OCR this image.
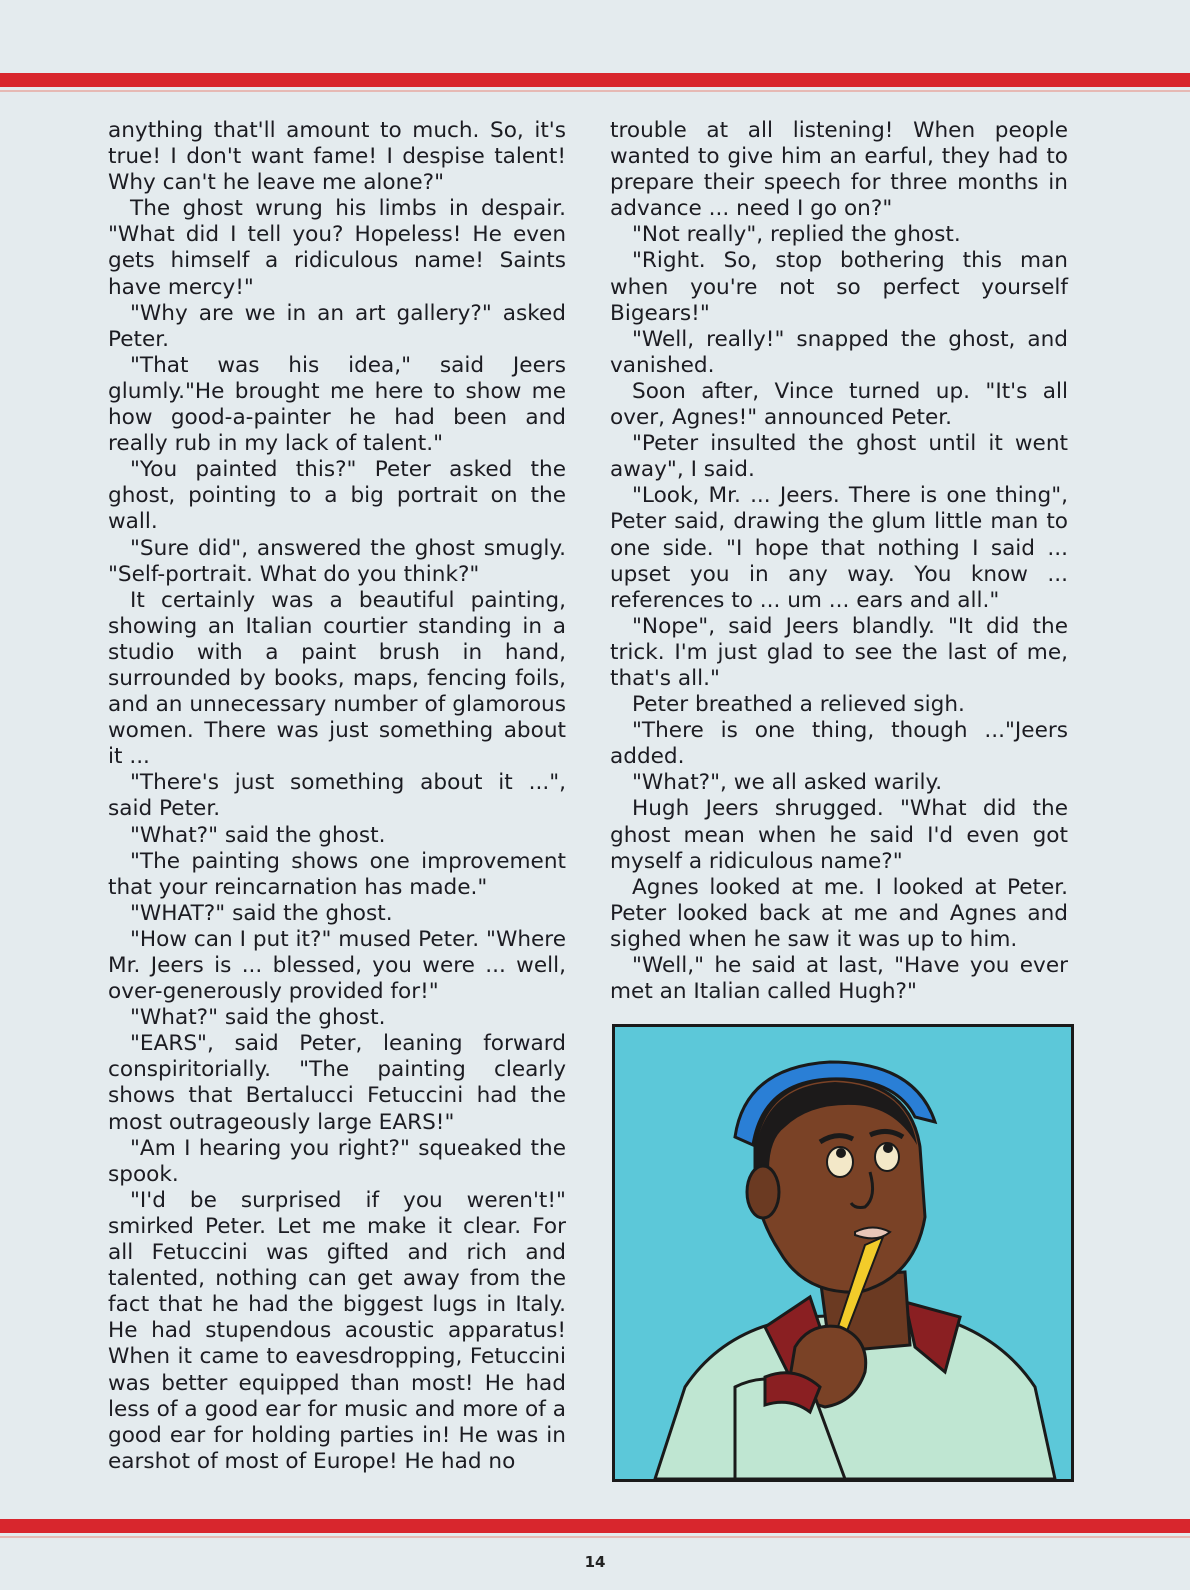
anything that'll amount to much. So, it's true! I don't want fame! I despise talent! Why can't he leave me alone?"

The ghost wrung his limbs in despair. "What did I tell you? Hopeless! He even gets himself a ridiculous name! Saints have mercy!"

"Why are we in an art gallery?" asked Peter.

"That was his idea," said Jeers glumly."He brought me here to show me how good-a-painter he had been and really rub in my lack of talent."

"You painted this?" Peter asked the ghost, pointing to a big portrait on the wall.

"Sure did", answered the ghost smugly. "Self-portrait. What do you think?"

It certainly was a beautiful painting, showing an Italian courtier standing in a studio with a paint brush in hand, surrounded by books, maps, fencing foils, and an unnecessary number of glamorous women. There was just something about it ...

"There's just something about it ...", said Peter.

"What?" said the ghost.

"The painting shows one improvement that your reincarnation has made."

"WHAT?" said the ghost.

"How can I put it?" mused Peter. "Where Mr. Jeers is ... blessed, you were ... well, over-generously provided for!"

"What?" said the ghost.

"EARS", said Peter, leaning forward conspiritorially. "The painting clearly shows that Bertalucci Fetuccini had the most outrageously large EARS!"

"Am I hearing you right?" squeaked the spook.

"I'd be surprised if you weren't!" smirked Peter. Let me make it clear. For all Fetuccini was gifted and rich and talented, nothing can get away from the fact that he had the biggest lugs in Italy. He had stupendous acoustic apparatus! When it came to eavesdropping, Fetuccini was better equipped than most! He had less of a good ear for music and more of a good ear for holding parties in! He was in earshot of most of Europe! He had no

trouble at all listening! When people wanted to give him an earful, they had to prepare their speech for three months in advance ... need I go on?"

"Not really", replied the ghost.

"Right. So, stop bothering this man when you're not so perfect yourself Bigears!"

"Well, really!" snapped the ghost, and vanished.

Soon after, Vince turned up. "It's all over, Agnes!" announced Peter.

"Peter insulted the ghost until it went away", I said.

"Look, Mr. ... Jeers. There is one thing", Peter said, drawing the glum little man to one side. "I hope that nothing I said ... upset you in any way. You know ... references to ... um ... ears and all."

"Nope", said Jeers blandly. "It did the trick. I'm just glad to see the last of me, that's all."

Peter breathed a relieved sigh.

"There is one thing, though ..."Jeers added.

"What?", we all asked warily.

Hugh Jeers shrugged. "What did the ghost mean when he said I'd even got myself a ridiculous name?"

Agnes looked at me. I looked at Peter. Peter looked back at me and Agnes and sighed when he saw it was up to him.

"Well," he said at last, "Have you ever met an Italian called Hugh?"

14
